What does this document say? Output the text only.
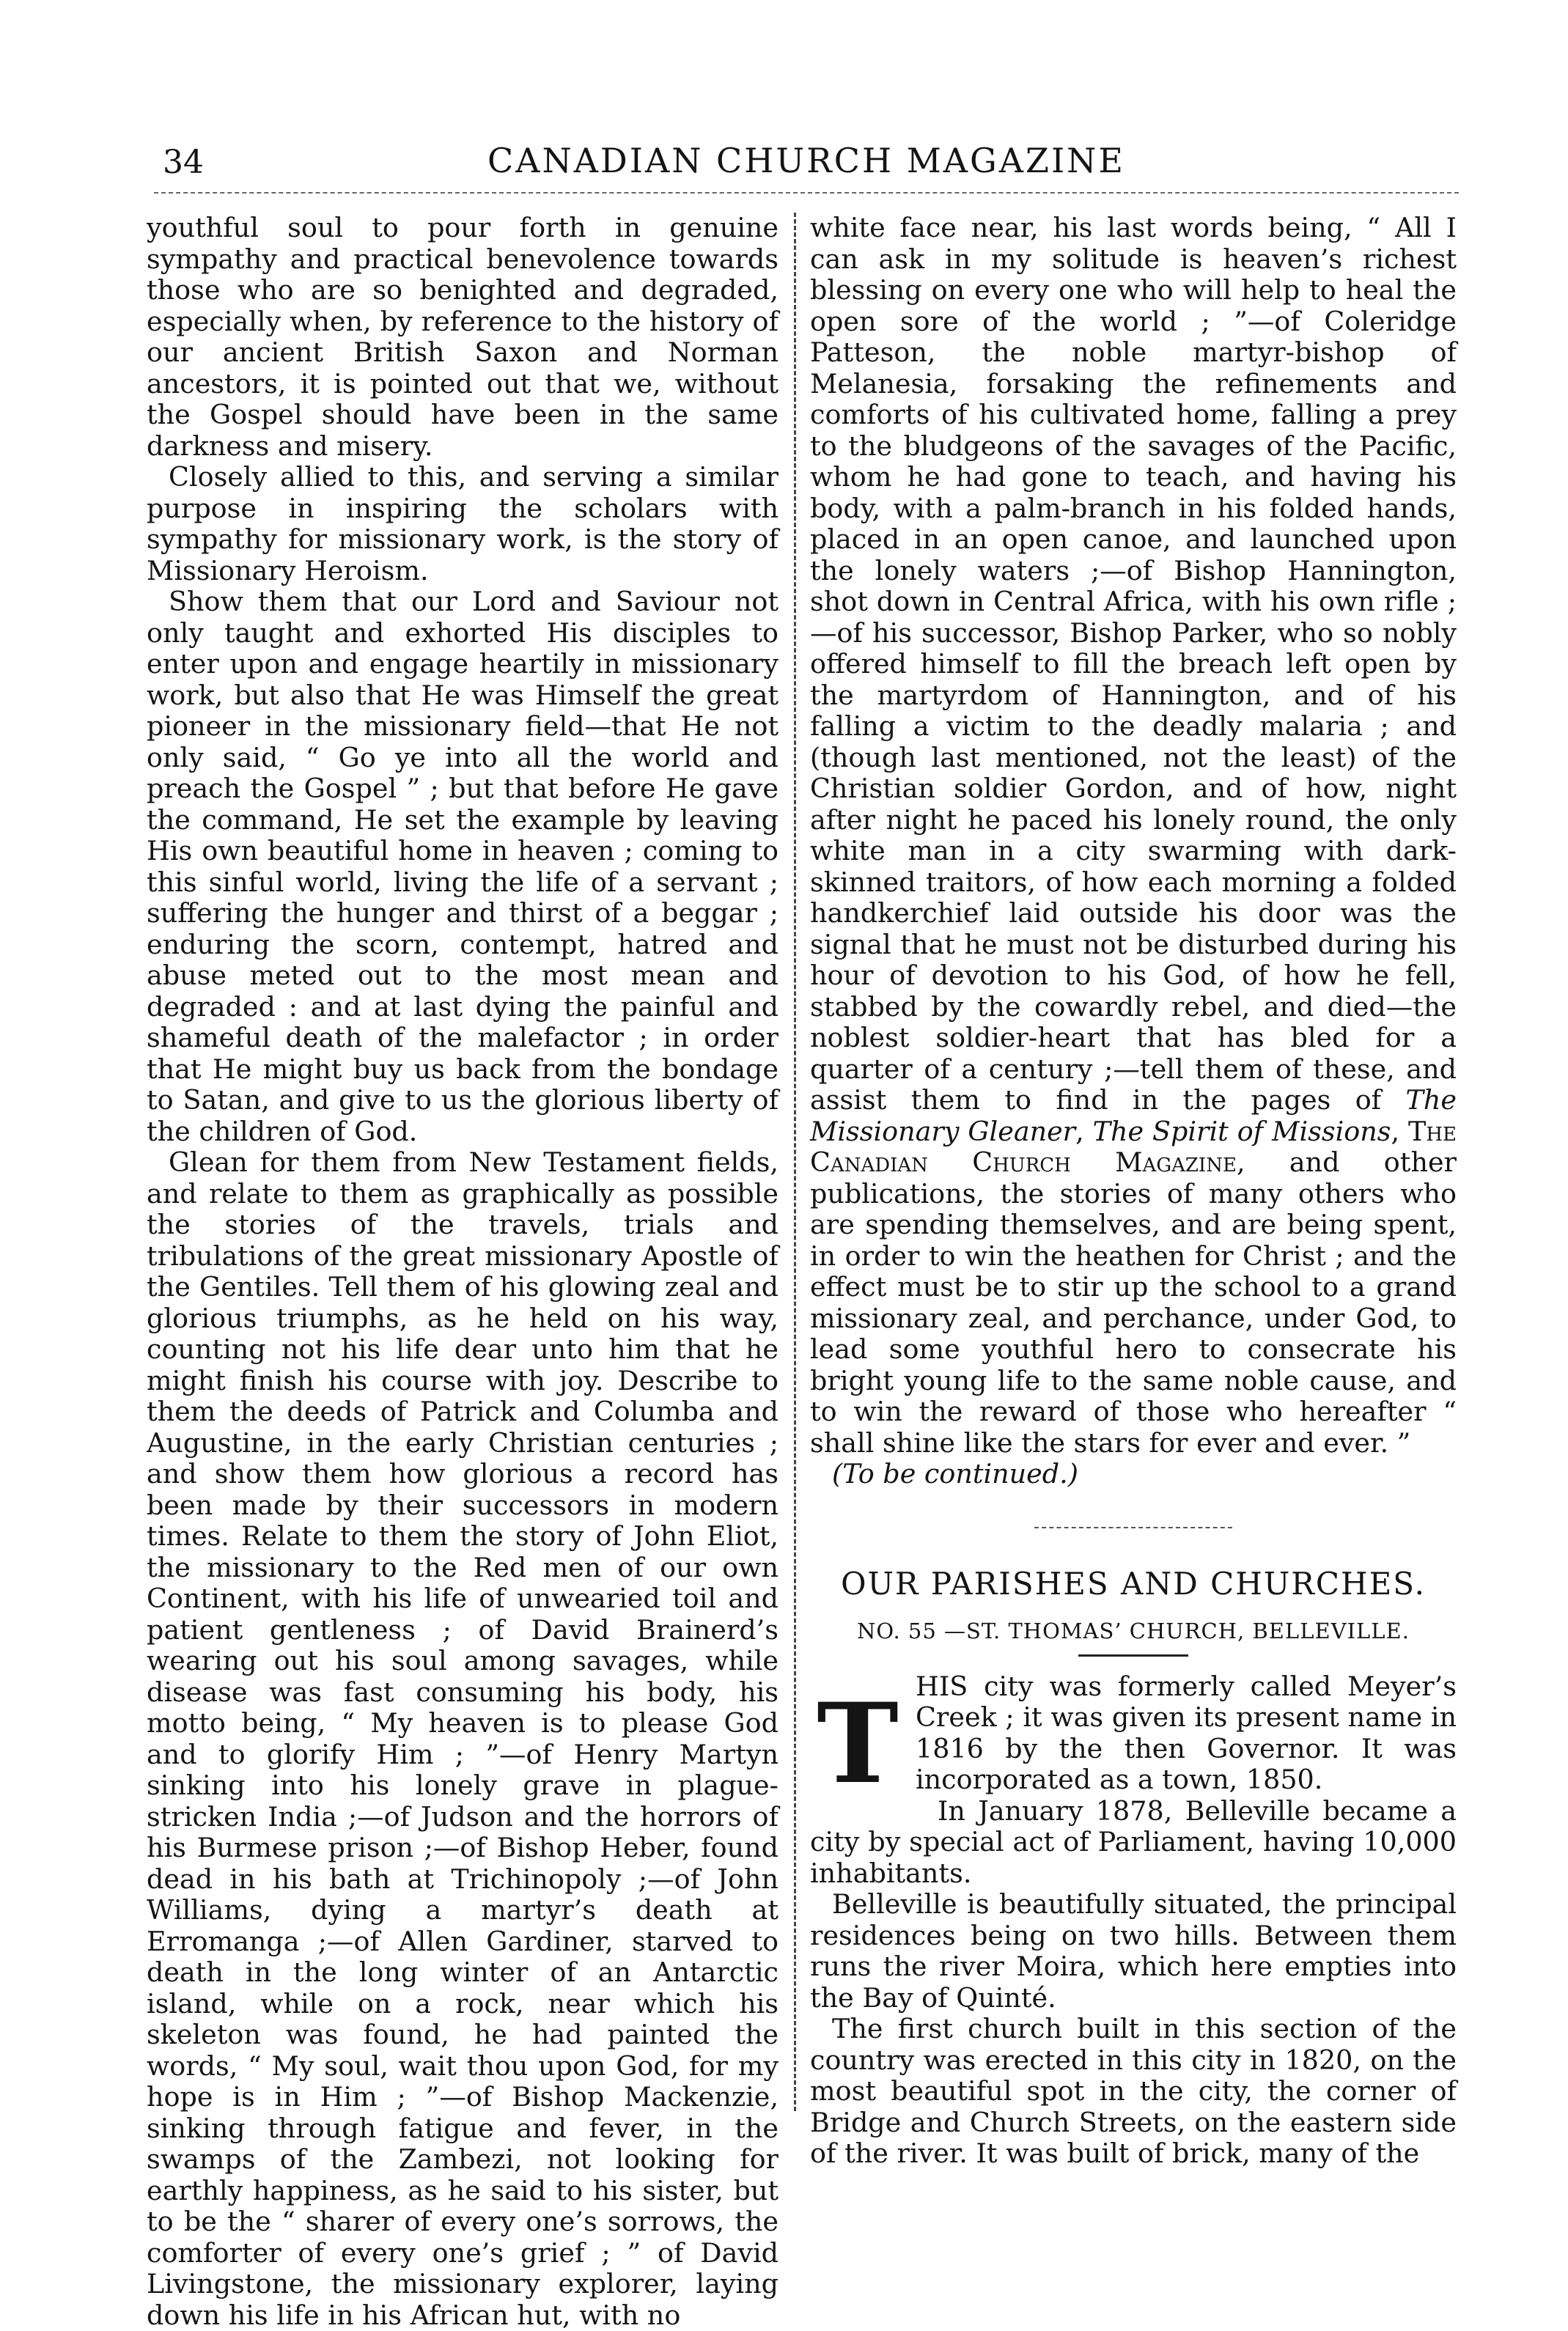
34	CANADIAN CHURCH MAGAZINE

youthful soul to pour forth in genuine sympathy and practical benevolence towards those who are so benighted and degraded, especially when, by reference to the history of our ancient British Saxon and Norman ancestors, it is pointed out that we, without the Gospel should have been in the same darkness and misery.

Closely allied to this, and serving a similar purpose in inspiring the scholars with sympathy for missionary work, is the story of Missionary Heroism.

Show them that our Lord and Saviour not only taught and exhorted His disciples to enter upon and engage heartily in missionary work, but also that He was Himself the great pioneer in the missionary field—that He not only said, “ Go ye into all the world and preach the Gospel ” ; but that before He gave the command, He set the example by leaving His own beautiful home in heaven ; coming to this sinful world, living the life of a servant ; suffering the hunger and thirst of a beggar ; enduring the scorn, contempt, hatred and abuse meted out to the most mean and degraded : and at last dying the painful and shameful death of the malefactor ; in order that He might buy us back from the bondage to Satan, and give to us the glorious liberty of the children of God.

Glean for them from New Testament fields, and relate to them as graphically as possible the stories of the travels, trials and tribulations of the great missionary Apostle of the Gentiles. Tell them of his glowing zeal and glorious triumphs, as he held on his way, counting not his life dear unto him that he might finish his course with joy. Describe to them the deeds of Patrick and Columba and Augustine, in the early Christian centuries ; and show them how glorious a record has been made by their successors in modern times. Relate to them the story of John Eliot, the missionary to the Red men of our own Continent, with his life of unwearied toil and patient gentleness ; of David Brainerd’s wearing out his soul among savages, while disease was fast consuming his body, his motto being, “ My heaven is to please God and to glorify Him ; ”—of Henry Martyn sinking into his lonely grave in plague-stricken India ;—of Judson and the horrors of his Burmese prison ;—of Bishop Heber, found dead in his bath at Trichinopoly ;—of John Williams, dying a martyr’s death at Erromanga ;—of Allen Gardiner, starved to death in the long winter of an Antarctic island, while on a rock, near which his skeleton was found, he had painted the words, “ My soul, wait thou upon God, for my hope is in Him ; ”—of Bishop Mackenzie, sinking through fatigue and fever, in the swamps of the Zambezi, not looking for earthly happiness, as he said to his sister, but to be the “ sharer of every one’s sorrows, the comforter of every one’s grief ; ” of David Livingstone, the missionary explorer, laying down his life in his African hut, with no

white face near, his last words being, “ All I can ask in my solitude is heaven’s richest blessing on every one who will help to heal the open sore of the world ; ”—of Coleridge Patteson, the noble martyr-bishop of Melanesia, forsaking the refinements and comforts of his cultivated home, falling a prey to the bludgeons of the savages of the Pacific, whom he had gone to teach, and having his body, with a palm-branch in his folded hands, placed in an open canoe, and launched upon the lonely waters ;—of Bishop Hannington, shot down in Central Africa, with his own rifle ;—of his successor, Bishop Parker, who so nobly offered himself to fill the breach left open by the martyrdom of Hannington, and of his falling a victim to the deadly malaria ; and (though last mentioned, not the least) of the Christian soldier Gordon, and of how, night after night he paced his lonely round, the only white man in a city swarming with dark-skinned traitors, of how each morning a folded handkerchief laid outside his door was the signal that he must not be disturbed during his hour of devotion to his God, of how he fell, stabbed by the cowardly rebel, and died—the noblest soldier-heart that has bled for a quarter of a century ;—tell them of these, and assist them to find in the pages of The Missionary Gleaner, The Spirit of Missions, The Canadian Church Magazine, and other publications, the stories of many others who are spending themselves, and are being spent, in order to win the heathen for Christ ; and the effect must be to stir up the school to a grand missionary zeal, and perchance, under God, to lead some youthful hero to consecrate his bright young life to the same noble cause, and to win the reward of those who hereafter “ shall shine like the stars for ever and ever. ”

(To be continued.)

OUR PARISHES AND CHURCHES.
NO. 55 —ST. THOMAS’ CHURCH, BELLEVILLE.
T HIS city was formerly called Meyer’s Creek ; it was given its present name in 1816 by the then Governor. It was incorporated as a town, 1850.

In January 1878, Belleville became a city by special act of Parliament, having 10,000 inhabitants.

Belleville is beautifully situated, the principal residences being on two hills. Between them runs the river Moira, which here empties into the Bay of Quinté.

The first church built in this section of the country was erected in this city in 1820, on the most beautiful spot in the city, the corner of Bridge and Church Streets, on the eastern side of the river. It was built of brick, many of the
